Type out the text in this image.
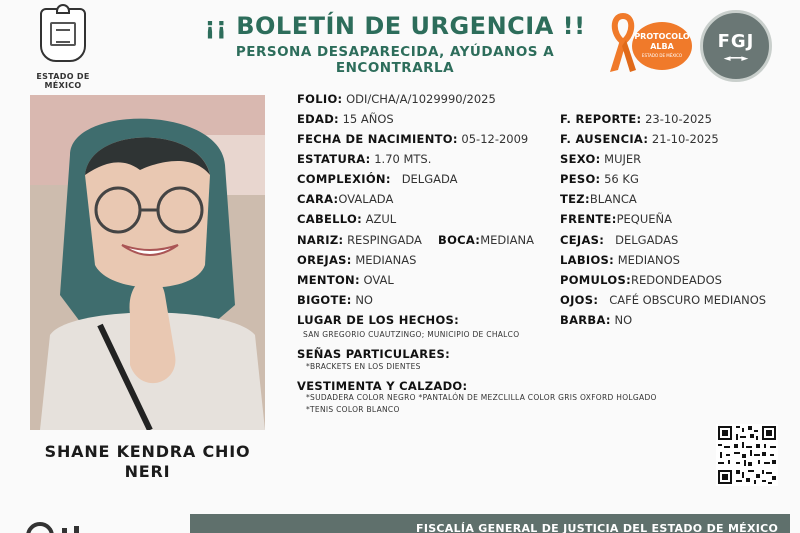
ESTADO DE MÉXICO
¡¡ BOLETÍN DE URGENCIA !!
PERSONA DESAPARECIDA, AYÚDANOS A ENCONTRARLA
PROTOCOLO
ALBA
ESTADO DE MÉXICO
FGJ
◄━━►
SHANE KENDRA CHIO
NERI
FOLIO: ODI/CHA/A/1029990/2025
EDAD: 15 AÑOS
FECHA DE NACIMIENTO: 05-12-2009
ESTATURA: 1.70 MTS.
COMPLEXIÓN: DELGADA
CARA:OVALADA
CABELLO: AZUL
NARIZ: RESPINGADA BOCA:MEDIANA
OREJAS: MEDIANAS
MENTON: OVAL
BIGOTE: NO
F. REPORTE: 23-10-2025
F. AUSENCIA: 21-10-2025
SEXO: MUJER
PESO: 56 KG
TEZ:BLANCA
FRENTE:PEQUEÑA
CEJAS: DELGADAS
LABIOS: MEDIANOS
POMULOS:REDONDEADOS
OJOS: CAFÉ OBSCURO MEDIANOS
BARBA: NO
LUGAR DE LOS HECHOS:
SAN GREGORIO CUAUTZINGO; MUNICIPIO DE CHALCO
SEÑAS PARTICULARES:
*BRACKETS EN LOS DIENTES
VESTIMENTA Y CALZADO:
*SUDADERA COLOR NEGRO *PANTALÓN DE MEZCLILLA COLOR GRIS OXFORD HOLGADO
*TENIS COLOR BLANCO
FISCALÍA GENERAL DE JUSTICIA DEL ESTADO DE MÉXICO
